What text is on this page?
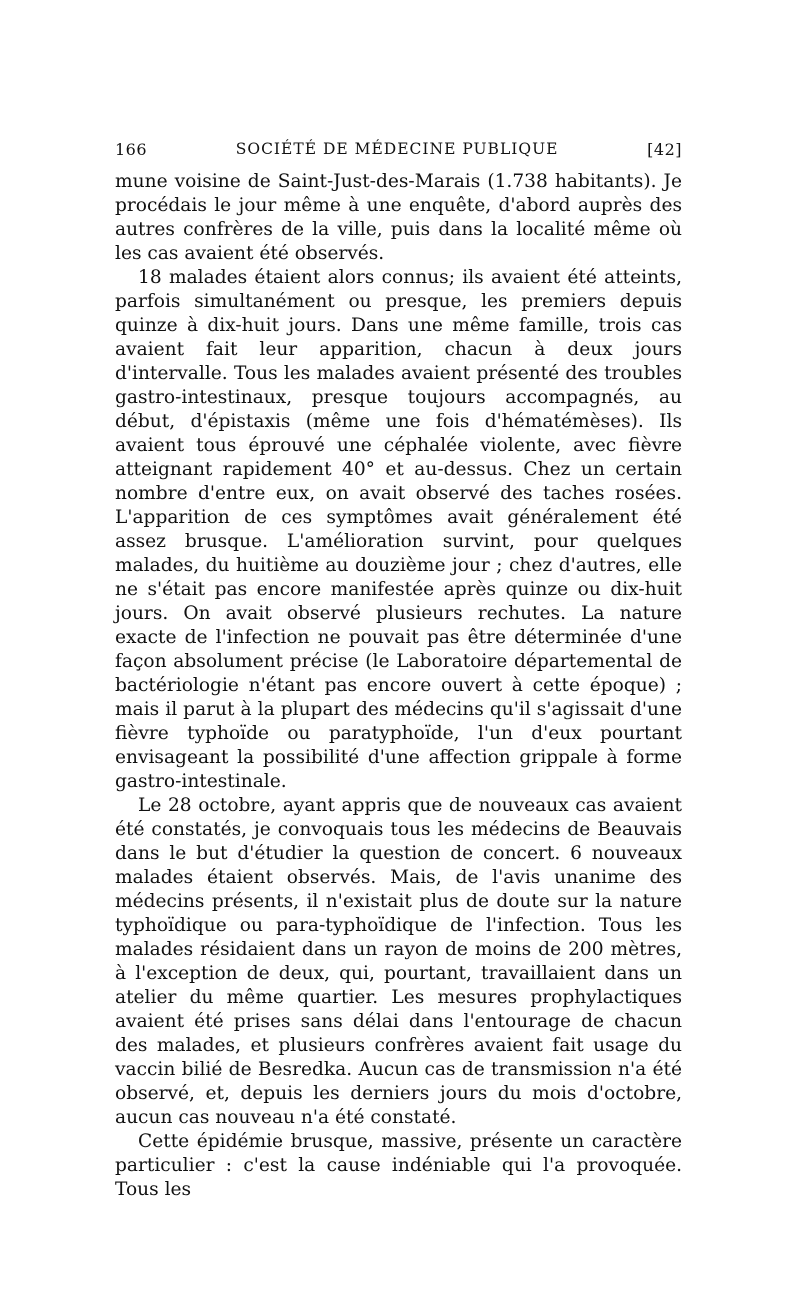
166	SOCIÉTÉ DE MÉDECINE PUBLIQUE	[42]

mune voisine de Saint-Just-des-Marais (1.738 habitants). Je procédais le jour même à une enquête, d'abord auprès des autres confrères de la ville, puis dans la localité même où les cas avaient été observés.

18 malades étaient alors connus; ils avaient été atteints, parfois simultanément ou presque, les premiers depuis quinze à dix-huit jours. Dans une même famille, trois cas avaient fait leur apparition, chacun à deux jours d'intervalle. Tous les malades avaient présenté des troubles gastro-intestinaux, presque toujours accompagnés, au début, d'épistaxis (même une fois d'hématémèses). Ils avaient tous éprouvé une céphalée violente, avec fièvre atteignant rapidement 40° et au-dessus. Chez un certain nombre d'entre eux, on avait observé des taches rosées. L'apparition de ces symptômes avait généralement été assez brusque. L'amélioration survint, pour quelques malades, du huitième au douzième jour ; chez d'autres, elle ne s'était pas encore manifestée après quinze ou dix-huit jours. On avait observé plusieurs rechutes. La nature exacte de l'infection ne pouvait pas être déterminée d'une façon absolument précise (le Laboratoire départemental de bactériologie n'étant pas encore ouvert à cette époque) ; mais il parut à la plupart des médecins qu'il s'agissait d'une fièvre typhoïde ou paratyphoïde, l'un d'eux pourtant envisageant la possibilité d'une affection grippale à forme gastro-intestinale.

Le 28 octobre, ayant appris que de nouveaux cas avaient été constatés, je convoquais tous les médecins de Beauvais dans le but d'étudier la question de concert. 6 nouveaux malades étaient observés. Mais, de l'avis unanime des médecins présents, il n'existait plus de doute sur la nature typhoïdique ou para-typhoïdique de l'infection. Tous les malades résidaient dans un rayon de moins de 200 mètres, à l'exception de deux, qui, pourtant, travaillaient dans un atelier du même quartier. Les mesures prophylactiques avaient été prises sans délai dans l'entourage de chacun des malades, et plusieurs confrères avaient fait usage du vaccin bilié de Besredka. Aucun cas de transmission n'a été observé, et, depuis les derniers jours du mois d'octobre, aucun cas nouveau n'a été constaté.

Cette épidémie brusque, massive, présente un caractère particulier : c'est la cause indéniable qui l'a provoquée. Tous les
